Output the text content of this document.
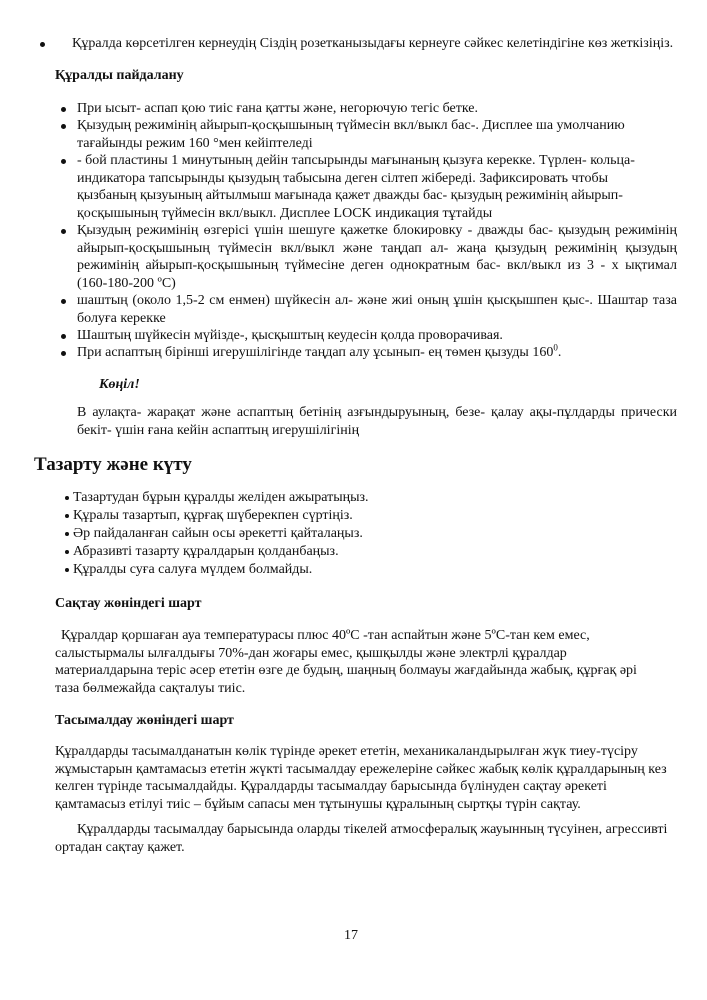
Құралда көрсетілген кернеудің Сіздің розетканызыдағы кернеуге сәйкес келетіндігіне көз жеткізіңіз.
Құралды пайдалану
При ысыт- аспап қою тиіс ғана қатты және, негорючую тегіс бетке.
Қызудың режимінің айырып-қосқышының түймесін вкл/выкл бас-. Дисплее ша умолчанию тағайынды режим 160 °мен кейіптеледі
- бой пластины 1 минутының дейін тапсырынды мағынаның қызуға керекке. Түрлен- кольца-индикатора тапсырынды қызудың табысына деген сілтеп жібереді. Зафиксировать чтобы қызбаның қызуының айтылмыш мағынада қажет дважды бас- қызудың режимінің айырып-қосқышының түймесін вкл/выкл. Дисплее LOCK индикация тұтайды
Қызудың режимінің өзгерісі үшін шешуге қажетке блокировку - дважды бас- қызудың режимінің айырып-қосқышының түймесін вкл/выкл және таңдап ал- жаңа қызудың режимінің қызудың режимінің айырып-қосқышының түймесіне деген однократным бас- вкл/выкл из 3 - х ықтимал (160-180-200 ºC)
шаштың (около 1,5-2 см енмен) шүйкесін ал- және жиі оның ұшін қысқышпен қыс-. Шаштар таза болуға керекке
Шаштың шүйкесін мүйізде-, қысқыштың кеудесін қолда проворачивая.
При аспаптың бірінші игерушілігінде таңдап алу ұсынып- ең төмен қызуды $160^0$.
Көңіл!
В аулақта- жарақат және аспаптың бетінің азғындыруының, безе- қалау ақы-пұлдарды прически бекіт- үшін ғана кейін аспаптың игерушілігінің
Тазарту және күту
Тазартудан бұрын құралды желіден ажыратыңыз.
Құралы тазартып, құрғақ шүберекпен сүртіңіз.
Әр пайдаланған сайын осы әрекетті қайталаңыз.
Абразивті тазарту құралдарын қолданбаңыз.
Құралды суға салуға мүлдем болмайды.
Сақтау жөніндегі шарт
Құралдар қоршаған ауа температурасы плюс 40ºC -тан аспайтын және 5ºC-тан кем емес, салыстырмалы ылғалдығы 70%-дан жоғары емес, қышқылды және электрлі құралдар материалдарына теріс әсер ететін өзге де будың, шаңның болмауы жағдайында жабық, құрғақ әрі таза бөлмежайда сақталуы тиіс.
Тасымалдау жөніндегі шарт
Құралдарды тасымалданатын көлік түрінде әрекет ететін, механикаландырылған жүк тиеу-түсіру жұмыстарын қамтамасыз ететін жүкті тасымалдау ережелеріне сәйкес жабық көлік құралдарының кез келген түрінде тасымалдайды. Құралдарды тасымалдау барысында бүлінуден сақтау әрекеті қамтамасыз етілуі тиіс – бұйым сапасы мен тұтынушы құралының сыртқы түрін сақтау.
Құралдарды тасымалдау барысында оларды тікелей атмосфералық жауынның түсуінен, агрессивті ортадан сақтау қажет.
17
